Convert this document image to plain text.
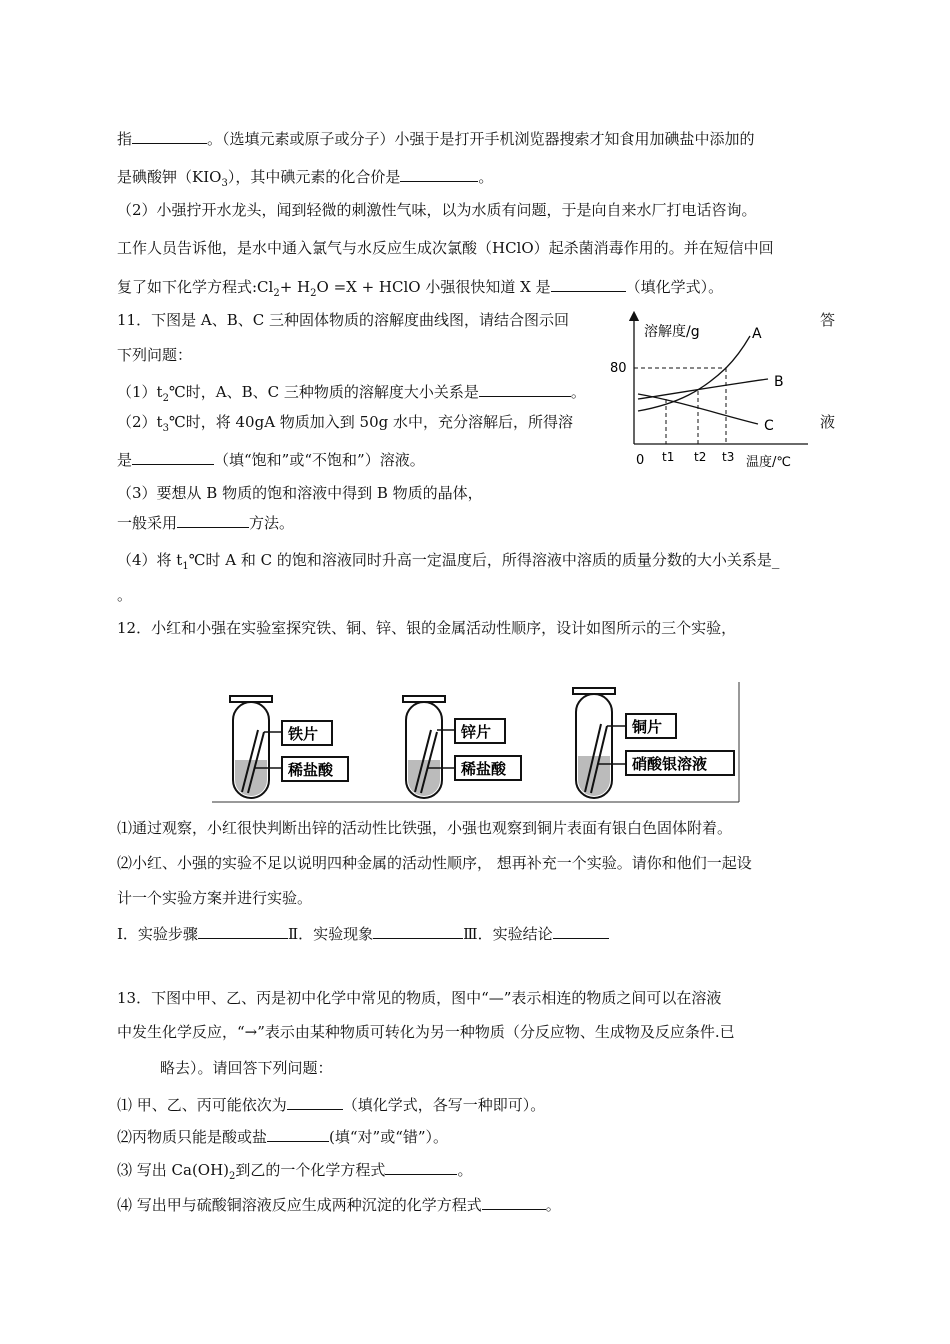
指	。（选填元素或原子或分子）小强于是打开手机浏览器搜索才知食用加碘盐中添加的
是碘酸钾$(KIO_3)$，其中碘元素的化合价是	。
（2）小强拧开水龙头，闻到轻微的刺激性气味，以为水质有问题，于是向自来水厂打电话咨询。
工作人员告诉他，是水中通入氯气与水反应生成次氯酸（HClO）起杀菌消毒作用的。并在短信中回
复了如下化学方程式$:Cl_2+ H_2O =X$ + HClO 小强很快知道 X 是	（填化学式）。
11．下图是 A、B、C 三种固体物质的溶解度曲线图，请结合图示回	答
下列问题：
$(1)t_2℃$时，A、B、C 三种物质的溶解度大小关系是	。
$(2)t_3℃$时，将 40gA 物质加入到 50g 水中，充分溶解后，所得溶	液
是	（填“饱和”或“不饱和”）溶液。
（3）要想从 B 物质的饱和溶液中得到 B 物质的晶体，
一般采用	方法。
（4）将 $t_1℃$时 A 和 C 的饱和溶液同时升高一定温度后，所得溶液中溶质的质量分数的大小关系是_
。
溶解度/g
温度/℃
0
80
A
B
C
t1 t2 t3
12．小红和小强在实验室探究铁、铜、锌、银的金属活动性顺序，设计如图所示的三个实验，
铁片
稀盐酸
锌片
稀盐酸
铜片
硝酸银溶液
⑴通过观察，小红很快判断出锌的活动性比铁强，小强也观察到铜片表面有银白色固体附着。
⑵小红、小强的实验不足以说明四种金属的活动性顺序， 想再补充一个实验。请你和他们一起设
计一个实验方案并进行实验。
Ⅰ．实验步骤	Ⅱ．实验现象	Ⅲ．实验结论
13．下图中甲、乙、丙是初中化学中常见的物质，图中“—”表示相连的物质之间可以在溶液
中发生化学反应，“→”表示由某种物质可转化为另一种物质（分反应物、生成物及反应条件.已
略去）。请回答下列问题：
⑴ 甲、乙、丙可能依次为	（填化学式，各写一种即可）。
⑵丙物质只能是酸或盐	(填“对”或“错”）。
⑶ 写出 $Ca(OH)_2$到乙的一个化学方程式	。
⑷ 写出甲与硫酸铜溶液反应生成两种沉淀的化学方程式	。
